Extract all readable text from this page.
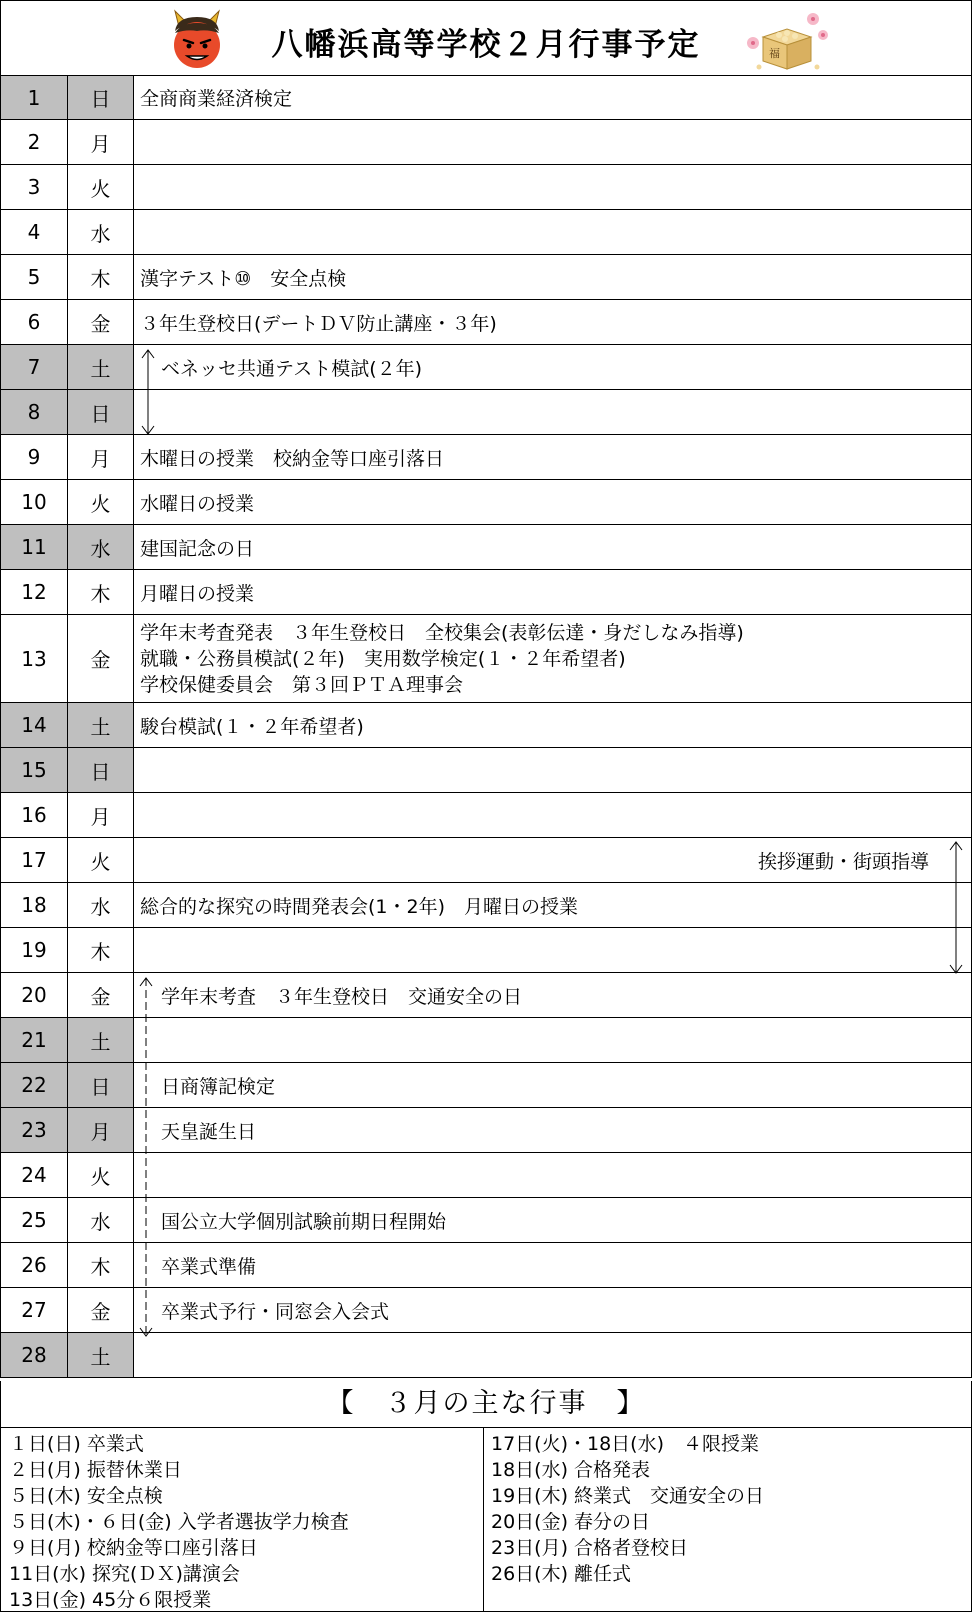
八幡浜高等学校２月行事予定	福
1	日	全商商業経済検定
2	月
3	火
4	水
5	木	漢字テスト⑩　安全点検
6	金	３年生登校日(デートＤＶ防止講座・３年)
7	土	ベネッセ共通テスト模試(２年)
8	日
9	月	木曜日の授業　校納金等口座引落日
10	火	水曜日の授業
11	水	建国記念の日
12	木	月曜日の授業
13	金
学年末考査発表　３年生登校日　全校集会(表彰伝達・身だしなみ指導)
就職・公務員模試(２年)　実用数学検定(１・２年希望者)
学校保健委員会　第３回ＰＴＡ理事会
14	土	駿台模試(１・２年希望者)
15	日
16	月
17	火	挨拶運動・街頭指導
18	水	総合的な探究の時間発表会(1・2年)　月曜日の授業
19	木
20	金	学年末考査　３年生登校日　交通安全の日
21	土
22	日	日商簿記検定
23	月	天皇誕生日
24	火
25	水	国公立大学個別試験前期日程開始
26	木	卒業式準備
27	金	卒業式予行・同窓会入会式
28	土
【　３月の主な行事　】
１日(日) 卒業式
２日(月) 振替休業日
５日(木) 安全点検
５日(木)・６日(金) 入学者選抜学力検査
９日(月) 校納金等口座引落日
11日(水) 探究(ＤＸ)講演会
13日(金) 45分６限授業
17日(火)・18日(水)　４限授業
18日(水) 合格発表
19日(木) 終業式　交通安全の日
20日(金) 春分の日
23日(月) 合格者登校日
26日(木) 離任式
